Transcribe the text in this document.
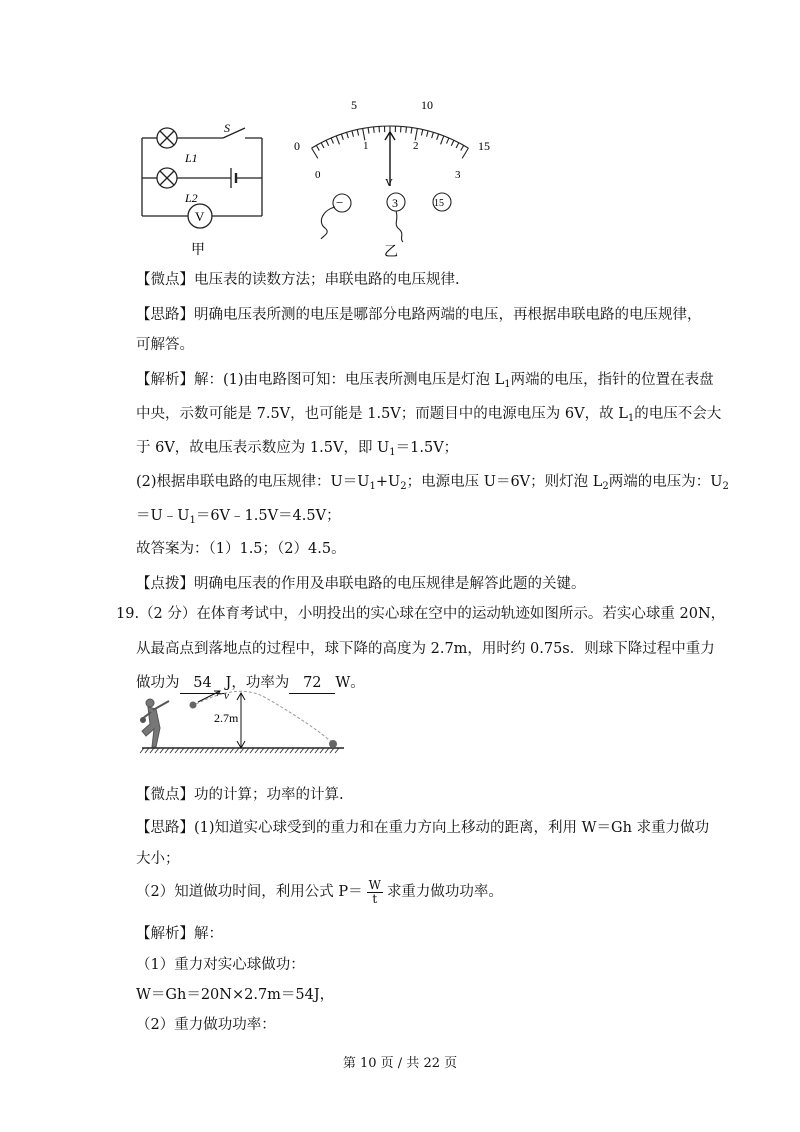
S
L1
L2
V
甲
0
5	10
15
0
1	2
3
V
−	3	15
乙
【微点】电压表的读数方法；串联电路的电压规律.
【思路】明确电压表所测的电压是哪部分电路两端的电压，再根据串联电路的电压规律，
可解答。
【解析】解：(1)由电路图可知：电压表所测电压是灯泡 $L_1$两端的电压，指针的位置在表盘
中央，示数可能是 7.5V，也可能是 1.5V；而题目中的电源电压为 6V，故 $L_1$的电压不会大
于 6V，故电压表示数应为 1.5V，即 $U_1=1.5V$；
(2)根据串联电路的电压规律：$U=U_1+U_2$；电源电压 U＝6V；则灯泡 $L_2$两端的电压为：$U_2$
$=U﹣U_1=6V﹣1.5V=4.5V$；
故答案为：（1）1.5；（2）4.5。
【点拨】明确电压表的作用及串联电路的电压规律是解答此题的关键。
19.（2 分）在体育考试中，小明投出的实心球在空中的运动轨迹如图所示。若实心球重 20N，
从最高点到落地点的过程中，球下降的高度为 2.7m，用时约 0.75s．则球下降过程中重力
做功为 54 J，功率为 72 W。
v
2.7m
【微点】功的计算；功率的计算.
【思路】(1)知道实心球受到的重力和在重力方向上移动的距离，利用 W＝Gh 求重力做功
大小；
（2）知道做功时间，利用公式 $P= \frac{W}{t}$ 求重力做功功率。
【解析】解：
（1）重力对实心球做功：
W＝Gh＝20N×2.7m＝54J，
（2）重力做功功率：
第 10 页 / 共 22 页
